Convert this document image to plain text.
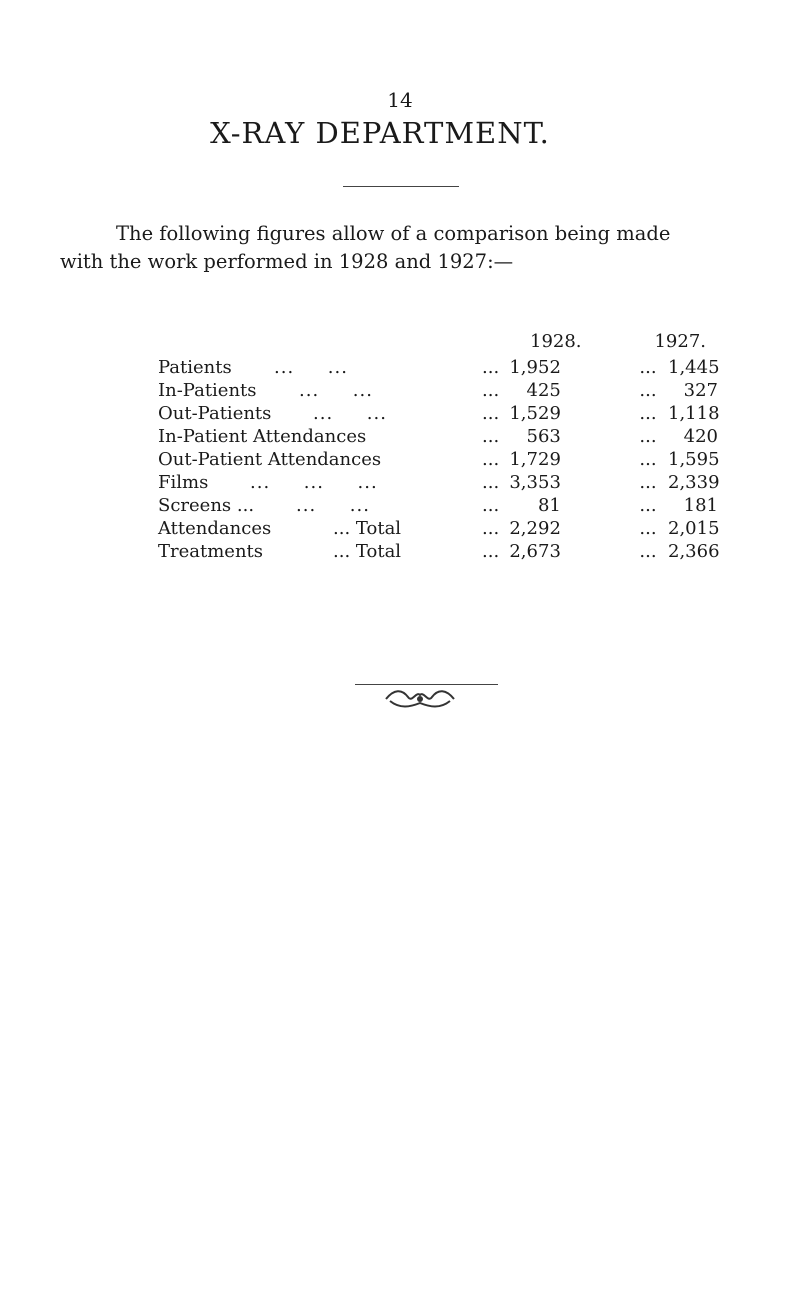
14
X-RAY DEPARTMENT.
The following figures allow of a comparison being made
with the work performed in 1928 and 1927:—
1928.	1927.
Patients ...     ...	... 1,952	...  1,445
In-Patients ...     ...	... 425	...  327
Out-Patients ...     ...	... 1,529	...  1,118
In-Patient Attendances	... 563	...  420
Out-Patient Attendances	... 1,729	...  1,595
Films ...     ...     ...	... 3,353	...  2,339
Screens ... ...     ...	... 81	...  181
Attendances	... Total	... 2,292	...  2,015
Treatments	... Total	... 2,673	...  2,366
